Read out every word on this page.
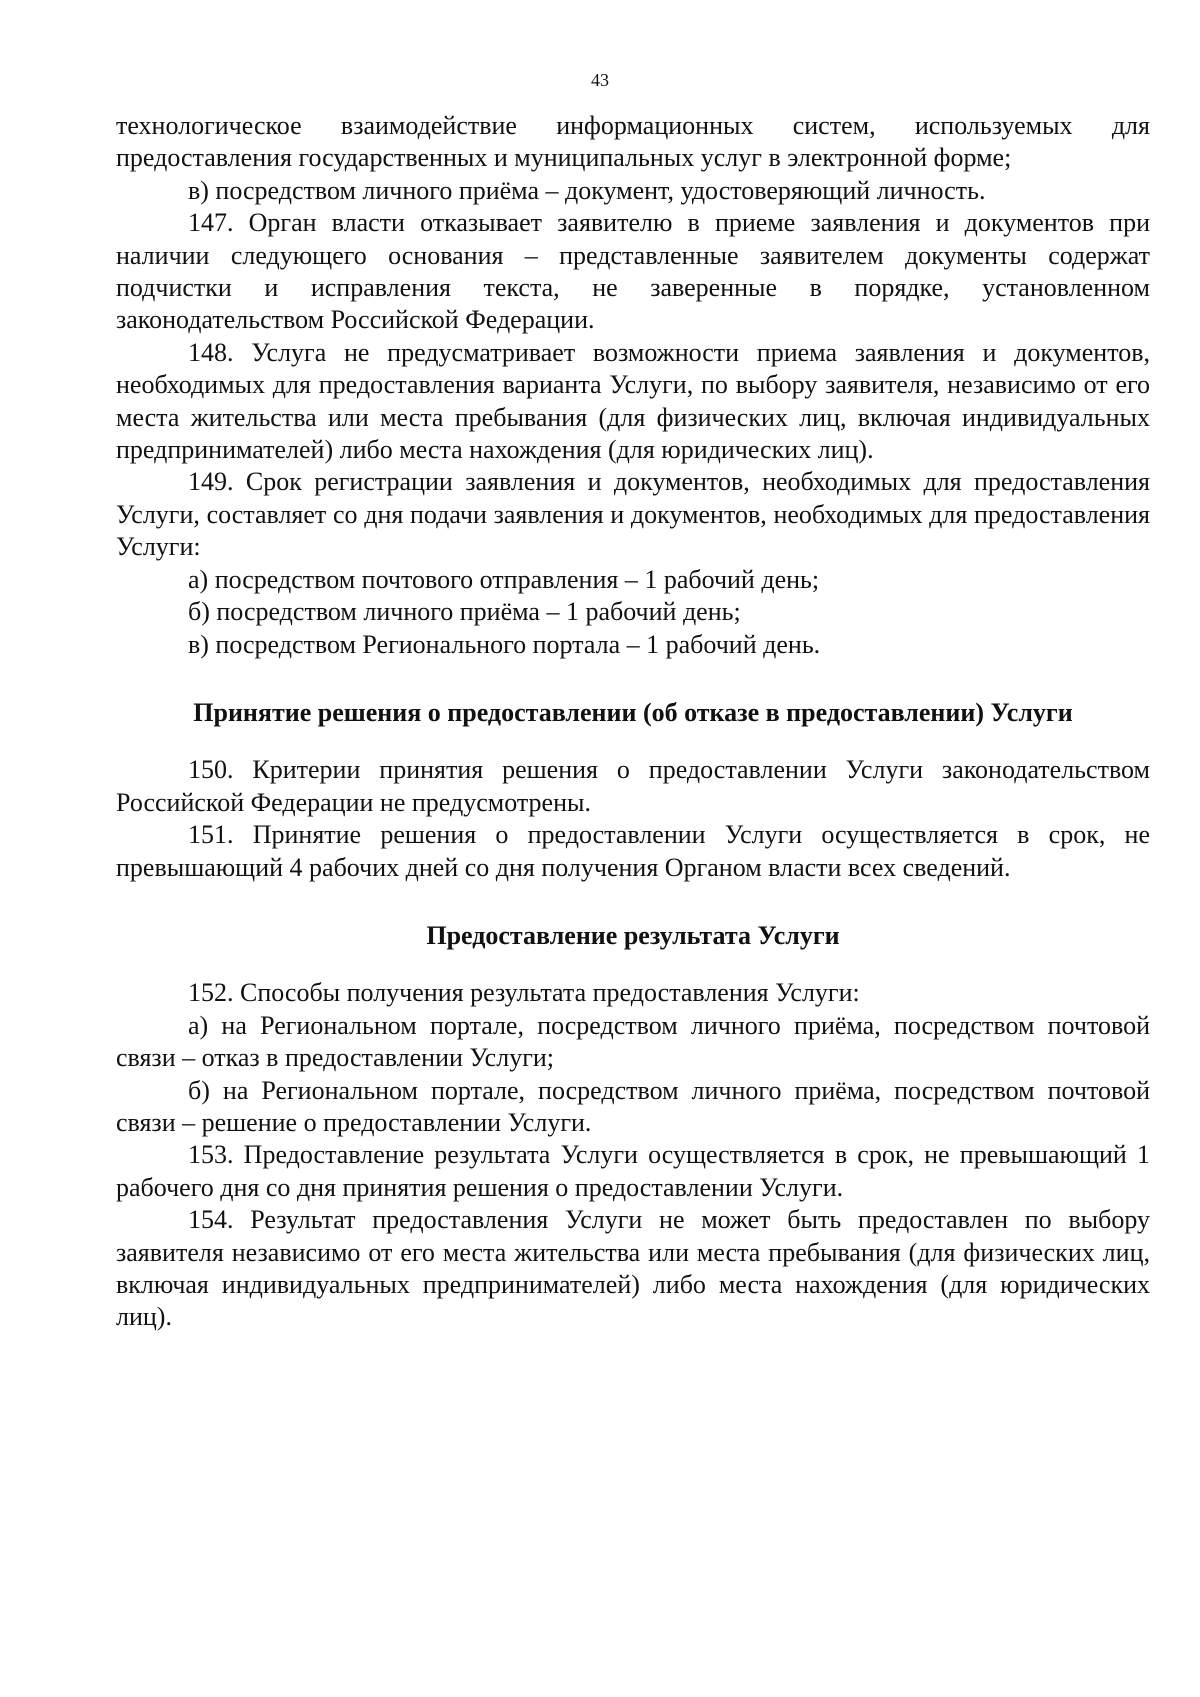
43

технологическое взаимодействие информационных систем, используемых для предоставления государственных и муниципальных услуг в электронной форме;

в) посредством личного приёма – документ, удостоверяющий личность.

147. Орган власти отказывает заявителю в приеме заявления и документов при наличии следующего основания – представленные заявителем документы содержат подчистки и исправления текста, не заверенные в порядке, установленном законодательством Российской Федерации.

148. Услуга не предусматривает возможности приема заявления и документов, необходимых для предоставления варианта Услуги, по выбору заявителя, независимо от его места жительства или места пребывания (для физических лиц, включая индивидуальных предпринимателей) либо места нахождения (для юридических лиц).

149. Срок регистрации заявления и документов, необходимых для предоставления Услуги, составляет со дня подачи заявления и документов, необходимых для предоставления Услуги:

а) посредством почтового отправления – 1 рабочий день;

б) посредством личного приёма – 1 рабочий день;

в) посредством Регионального портала – 1 рабочий день.

Принятие решения о предоставлении (об отказе в предоставлении) Услуги

150. Критерии принятия решения о предоставлении Услуги законодательством Российской Федерации не предусмотрены.

151. Принятие решения о предоставлении Услуги осуществляется в срок, не превышающий 4 рабочих дней со дня получения Органом власти всех сведений.

Предоставление результата Услуги

152. Способы получения результата предоставления Услуги:

а) на Региональном портале, посредством личного приёма, посредством почтовой связи – отказ в предоставлении Услуги;

б) на Региональном портале, посредством личного приёма, посредством почтовой связи – решение о предоставлении Услуги.

153. Предоставление результата Услуги осуществляется в срок, не превышающий 1 рабочего дня со дня принятия решения о предоставлении Услуги.

154. Результат предоставления Услуги не может быть предоставлен по выбору заявителя независимо от его места жительства или места пребывания (для физических лиц, включая индивидуальных предпринимателей) либо места нахождения (для юридических лиц).
